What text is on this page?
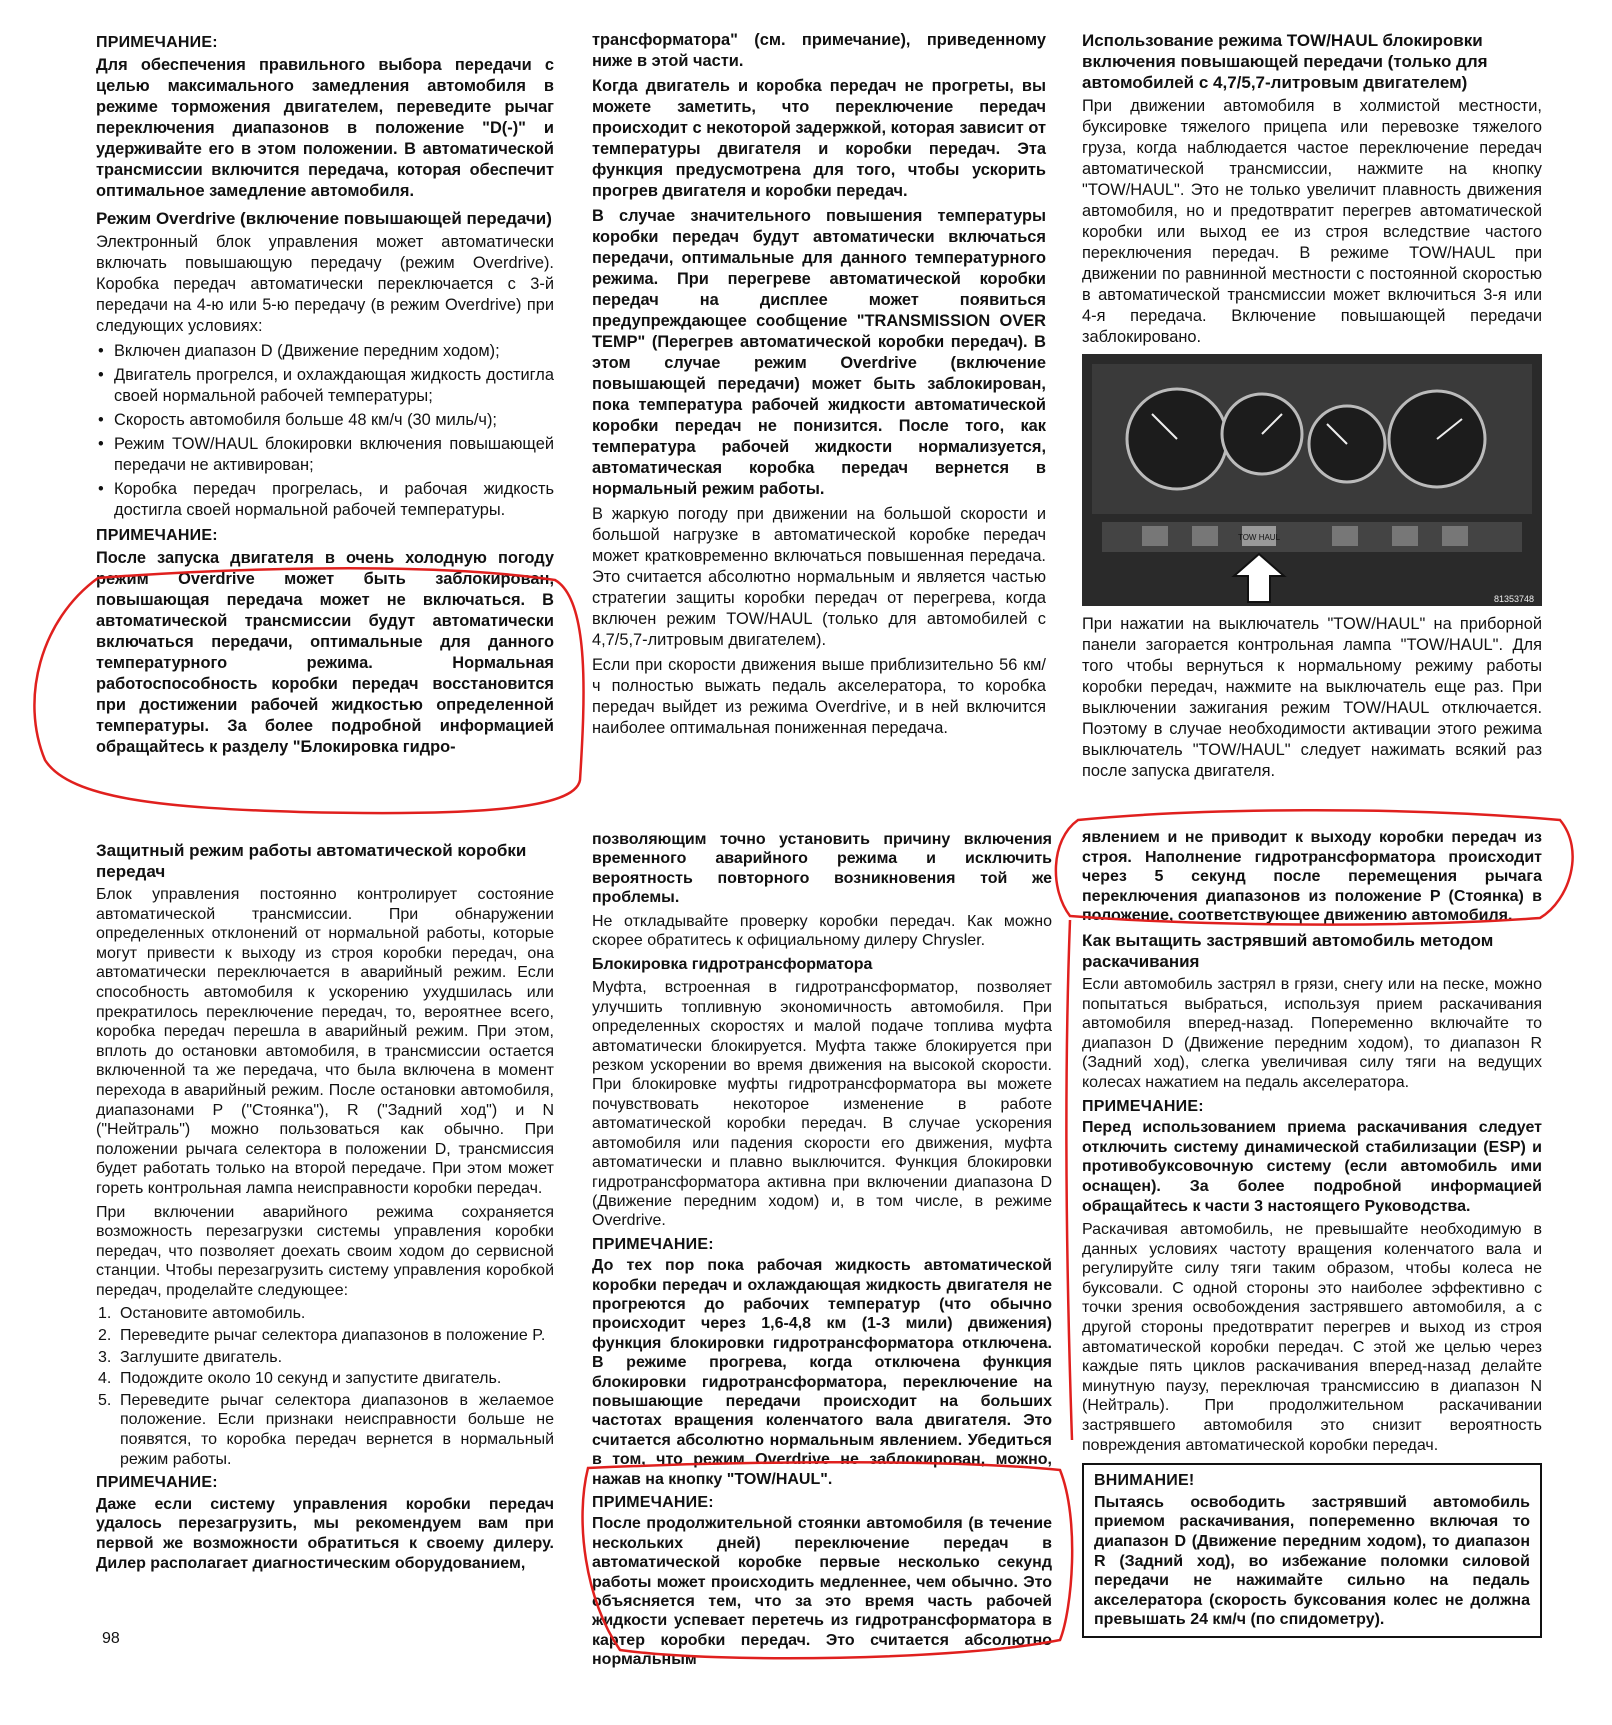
ПРИМЕЧАНИЕ:

Для обеспечения правильного выбора передачи с целью максимального замедления автомобиля в режиме торможения двигателем, переведите рычаг переключения диапазонов в положение "D(-)" и удерживайте его в этом положении. В автоматической трансмиссии включится передача, которая обеспечит оптимальное замедление автомобиля.

Режим Overdrive (включение повышающей передачи)

Электронный блок управления может автоматически включать повышающую передачу (режим Overdrive). Коробка передач автоматически переключается с 3-й передачи на 4-ю или 5-ю передачу (в режим Overdrive) при следующих условиях:

• Включен диапазон D (Движение передним ходом);
• Двигатель прогрелся, и охлаждающая жидкость достигла своей нормальной рабочей температуры;
• Скорость автомобиля больше 48 км/ч (30 миль/ч);
• Режим TOW/HAUL блокировки включения повышающей передачи не активирован;
• Коробка передач прогрелась, и рабочая жидкость достигла своей нормальной рабочей температуры.
ПРИМЕЧАНИЕ:

После запуска двигателя в очень холодную погоду режим Overdrive может быть заблокирован, повышающая передача может не включаться. В автоматической трансмиссии будут автоматически включаться передачи, оптимальные для данного температурного режима. Нормальная работоспособность коробки передач восстановится при достижении рабочей жидкостью определенной температуры. За более подробной информацией обращайтесь к разделу "Блокировка гидро-

трансформатора" (см. примечание), приведенному ниже в этой части.

Когда двигатель и коробка передач не прогреты, вы можете заметить, что переключение передач происходит с некоторой задержкой, которая зависит от температуры двигателя и коробки передач. Эта функция предусмотрена для того, чтобы ускорить прогрев двигателя и коробки передач.

В случае значительного повышения температуры коробки передач будут автоматически включаться передачи, оптимальные для данного температурного режима. При перегреве автоматической коробки передач на дисплее может появиться предупреждающее сообщение "TRANSMISSION OVER TEMP" (Перегрев автоматической коробки передач). В этом случае режим Overdrive (включение повышающей передачи) может быть заблокирован, пока температура рабочей жидкости автоматической коробки передач не понизится. После того, как температура рабочей жидкости нормализуется, автоматическая коробка передач вернется в нормальный режим работы.

В жаркую погоду при движении на большой скорости и большой нагрузке в автоматической коробке передач может кратковременно включаться повышенная передача. Это считается абсолютно нормальным и является частью стратегии защиты коробки передач от перегрева, когда включен режим TOW/HAUL (только для автомобилей с 4,7/5,7-литровым двигателем).

Если при скорости движения выше приблизительно 56 км/ч полностью выжать педаль акселератора, то коробка передач выйдет из режима Overdrive, и в ней включится наиболее оптимальная пониженная передача.

Использование режима TOW/HAUL блокировки включения повышающей передачи (только для автомобилей с 4,7/5,7-литровым двигателем)

При движении автомобиля в холмистой местности, буксировке тяжелого прицепа или перевозке тяжелого груза, когда наблюдается частое переключение передач автоматической трансмиссии, нажмите на кнопку "TOW/HAUL". Это не только увеличит плавность движения автомобиля, но и предотвратит перегрев автоматической коробки или выход ее из строя вследствие частого переключения передач. В режиме TOW/HAUL при движении по равнинной местности с постоянной скоростью в автоматической трансмиссии может включиться 3-я или 4-я передача. Включение повышающей передачи заблокировано.

TOW HAUL
81353748

При нажатии на выключатель "TOW/HAUL" на приборной панели загорается контрольная лампа "TOW/HAUL". Для того чтобы вернуться к нормальному режиму работы коробки передач, нажмите на выключатель еще раз. При выключении зажигания режим TOW/HAUL отключается. Поэтому в случае необходимости активации этого режима выключатель "TOW/HAUL" следует нажимать всякий раз после запуска двигателя.

Защитный режим работы автоматической коробки передач

Блок управления постоянно контролирует состояние автоматической трансмиссии. При обнаружении определенных отклонений от нормальной работы, которые могут привести к выходу из строя коробки передач, она автоматически переключается в аварийный режим. Если способность автомобиля к ускорению ухудшилась или прекратилось переключение передач, то, вероятнее всего, коробка передач перешла в аварийный режим. При этом, вплоть до остановки автомобиля, в трансмиссии остается включенной та же передача, что была включена в момент перехода в аварийный режим. После остановки автомобиля, диапазонами P ("Стоянка"), R ("Задний ход") и N ("Нейтраль") можно пользоваться как обычно. При положении рычага селектора в положении D, трансмиссия будет работать только на второй передаче. При этом может гореть контрольная лампа неисправности коробки передач.

При включении аварийного режима сохраняется возможность перезагрузки системы управления коробки передач, что позволяет доехать своим ходом до сервисной станции. Чтобы перезагрузить систему управления коробкой передач, проделайте следующее:

1. Остановите автомобиль.
2. Переведите рычаг селектора диапазонов в положение P.
3. Заглушите двигатель.
4. Подождите около 10 секунд и запустите двигатель.
5. Переведите рычаг селектора диапазонов в желаемое положение. Если признаки неисправности больше не появятся, то коробка передач вернется в нормальный режим работы.
ПРИМЕЧАНИЕ:

Даже если систему управления коробки передач удалось перезагрузить, мы рекомендуем вам при первой же возможности обратиться к своему дилеру. Дилер располагает диагностическим оборудованием,

позволяющим точно установить причину включения временного аварийного режима и исключить вероятность повторного возникновения той же проблемы.

Не откладывайте проверку коробки передач. Как можно скорее обратитесь к официальному дилеру Chrysler.

Блокировка гидротрансформатора

Муфта, встроенная в гидротрансформатор, позволяет улучшить топливную экономичность автомобиля. При определенных скоростях и малой подаче топлива муфта автоматически блокируется. Муфта также блокируется при резком ускорении во время движения на высокой скорости. При блокировке муфты гидротрансформатора вы можете почувствовать некоторое изменение в работе автоматической коробки передач. В случае ускорения автомобиля или падения скорости его движения, муфта автоматически и плавно выключится. Функция блокировки гидротрансформатора активна при включении диапазона D (Движение передним ходом) и, в том числе, в режиме Overdrive.

ПРИМЕЧАНИЕ:

До тех пор пока рабочая жидкость автоматической коробки передач и охлаждающая жидкость двигателя не прогреются до рабочих температур (что обычно происходит через 1,6-4,8 км (1-3 мили) движения) функция блокировки гидротрансформатора отключена. В режиме прогрева, когда отключена функция блокировки гидротрансформатора, переключение на повышающие передачи происходит на больших частотах вращения коленчатого вала двигателя. Это считается абсолютно нормальным явлением. Убедиться в том, что режим Overdrive не заблокирован, можно, нажав на кнопку "TOW/HAUL".

ПРИМЕЧАНИЕ:

После продолжительной стоянки автомобиля (в течение нескольких дней) переключение передач в автоматической коробке первые несколько секунд работы может происходить медленнее, чем обычно. Это объясняется тем, что за это время часть рабочей жидкости успевает перетечь из гидротрансформатора в картер коробки передач. Это считается абсолютно нормальным

явлением и не приводит к выходу коробки передач из строя. Наполнение гидротрансформатора происходит через 5 секунд после перемещения рычага переключения диапазонов из положение P (Стоянка) в положение, соответствующее движению автомобиля.

Как вытащить застрявший автомобиль методом раскачивания

Если автомобиль застрял в грязи, снегу или на песке, можно попытаться выбраться, используя прием раскачивания автомобиля вперед-назад. Попеременно включайте то диапазон D (Движение передним ходом), то диапазон R (Задний ход), слегка увеличивая силу тяги на ведущих колесах нажатием на педаль акселератора.

ПРИМЕЧАНИЕ:

Перед использованием приема раскачивания следует отключить систему динамической стабилизации (ESP) и противобуксовочную систему (если автомобиль ими оснащен). За более подробной информацией обращайтесь к части 3 настоящего Руководства.

Раскачивая автомобиль, не превышайте необходимую в данных условиях частоту вращения коленчатого вала и регулируйте силу тяги таким образом, чтобы колеса не буксовали. С одной стороны это наиболее эффективно с точки зрения освобождения застрявшего автомобиля, а с другой стороны предотвратит перегрев и выход из строя автоматической коробки передач. С этой же целью через каждые пять циклов раскачивания вперед-назад делайте минутную паузу, переключая трансмиссию в диапазон N (Нейтраль). При продолжительном раскачивании застрявшего автомобиля это снизит вероятность повреждения автоматической коробки передач.

ВНИМАНИЕ!

Пытаясь освободить застрявший автомобиль приемом раскачивания, попеременно включая то диапазон D (Движение передним ходом), то диапазон R (Задний ход), во избежание поломки силовой передачи не нажимайте сильно на педаль акселератора (скорость буксования колес не должна превышать 24 км/ч (по спидометру).

98
